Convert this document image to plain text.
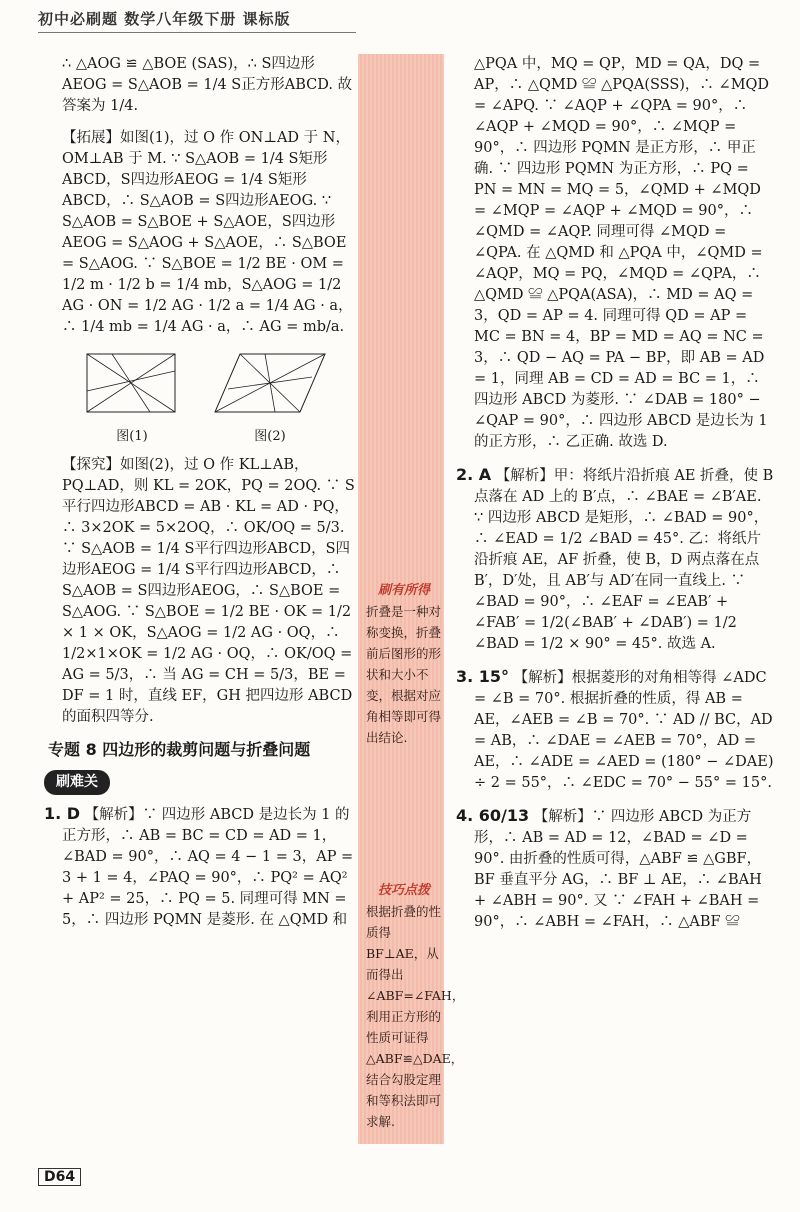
初中必刷题 数学八年级下册 课标版

∴ △AOG ≌ △BOE (SAS)，∴ S四边形AEOG = S△AOB = 1/4 S正方形ABCD. 故答案为 1/4.

【拓展】如图(1)，过 O 作 ON⊥AD 于 N，OM⊥AB 于 M. ∵ S△AOB = 1/4 S矩形ABCD，S四边形AEOG = 1/4 S矩形ABCD，∴ S△AOB = S四边形AEOG. ∵ S△AOB = S△BOE + S△AOE，S四边形AEOG = S△AOG + S△AOE，∴ S△BOE = S△AOG. ∵ S△BOE = 1/2 BE · OM = 1/2 m · 1/2 b = 1/4 mb，S△AOG = 1/2 AG · ON = 1/2 AG · 1/2 a = 1/4 AG · a，∴ 1/4 mb = 1/4 AG · a，∴ AG = mb/a.

图(1)	图(2)

【探究】如图(2)，过 O 作 KL⊥AB，PQ⊥AD，则 KL = 2OK，PQ = 2OQ. ∵ S平行四边形ABCD = AB · KL = AD · PQ，∴ 3×2OK = 5×2OQ，∴ OK/OQ = 5/3. ∵ S△AOB = 1/4 S平行四边形ABCD，S四边形AEOG = 1/4 S平行四边形ABCD，∴ S△AOB = S四边形AEOG，∴ S△BOE = S△AOG. ∵ S△BOE = 1/2 BE · OK = 1/2 × 1 × OK，S△AOG = 1/2 AG · OQ，∴ 1/2×1×OK = 1/2 AG · OQ，∴ OK/OQ = AG = 5/3，∴ 当 AG = CH = 5/3，BE = DF = 1 时，直线 EF，GH 把四边形 ABCD 的面积四等分.

专题 8 四边形的裁剪问题与折叠问题
刷难关

1. D 【解析】∵ 四边形 ABCD 是边长为 1 的正方形，∴ AB = BC = CD = AD = 1，∠BAD = 90°，∴ AQ = 4 − 1 = 3，AP = 3 + 1 = 4，∠PAQ = 90°，∴ PQ² = AQ² + AP² = 25，∴ PQ = 5. 同理可得 MN = 5，∴ 四边形 PQMN 是菱形. 在 △QMD 和

刷有所得
折叠是一种对称变换，折叠前后图形的形状和大小不变，根据对应角相等即可得出结论.
技巧点拨
根据折叠的性质得 BF⊥AE，从而得出 ∠ABF=∠FAH，利用正方形的性质可证得 △ABF≌△DAE，结合勾股定理和等积法即可求解.

△PQA 中，MQ = QP，MD = QA，DQ = AP，∴ △QMD ≌ △PQA(SSS)，∴ ∠MQD = ∠APQ. ∵ ∠AQP + ∠QPA = 90°，∴ ∠AQP + ∠MQD = 90°，∴ ∠MQP = 90°，∴ 四边形 PQMN 是正方形，∴ 甲正确. ∵ 四边形 PQMN 为正方形，∴ PQ = PN = MN = MQ = 5，∠QMD + ∠MQD = ∠MQP = ∠AQP + ∠MQD = 90°，∴ ∠QMD = ∠AQP. 同理可得 ∠MQD = ∠QPA. 在 △QMD 和 △PQA 中，∠QMD = ∠AQP，MQ = PQ，∠MQD = ∠QPA，∴ △QMD ≌ △PQA(ASA)，∴ MD = AQ = 3，QD = AP = 4. 同理可得 QD = AP = MC = BN = 4，BP = MD = AQ = NC = 3，∴ QD − AQ = PA − BP，即 AB = AD = 1，同理 AB = CD = AD = BC = 1，∴ 四边形 ABCD 为菱形. ∵ ∠DAB = 180° − ∠QAP = 90°，∴ 四边形 ABCD 是边长为 1 的正方形，∴ 乙正确. 故选 D.

2. A 【解析】甲：将纸片沿折痕 AE 折叠，使 B 点落在 AD 上的 B′点，∴ ∠BAE = ∠B′AE. ∵ 四边形 ABCD 是矩形，∴ ∠BAD = 90°，∴ ∠EAD = 1/2 ∠BAD = 45°. 乙：将纸片沿折痕 AE，AF 折叠，使 B，D 两点落在点 B′，D′处，且 AB′与 AD′在同一直线上. ∵ ∠BAD = 90°，∴ ∠EAF = ∠EAB′ + ∠FAB′ = 1/2(∠BAB′ + ∠DAB′) = 1/2 ∠BAD = 1/2 × 90° = 45°. 故选 A.

3. 15° 【解析】根据菱形的对角相等得 ∠ADC = ∠B = 70°. 根据折叠的性质，得 AB = AE，∠AEB = ∠B = 70°. ∵ AD // BC，AD = AB，∴ ∠DAE = ∠AEB = 70°，AD = AE，∴ ∠ADE = ∠AED = (180° − ∠DAE) ÷ 2 = 55°，∴ ∠EDC = 70° − 55° = 15°.

4. 60/13 【解析】∵ 四边形 ABCD 为正方形，∴ AB = AD = 12，∠BAD = ∠D = 90°. 由折叠的性质可得，△ABF ≌ △GBF，BF 垂直平分 AG，∴ BF ⊥ AE，∴ ∠BAH + ∠ABH = 90°. 又 ∵ ∠FAH + ∠BAH = 90°，∴ ∠ABH = ∠FAH，∴ △ABF ≌

D64
